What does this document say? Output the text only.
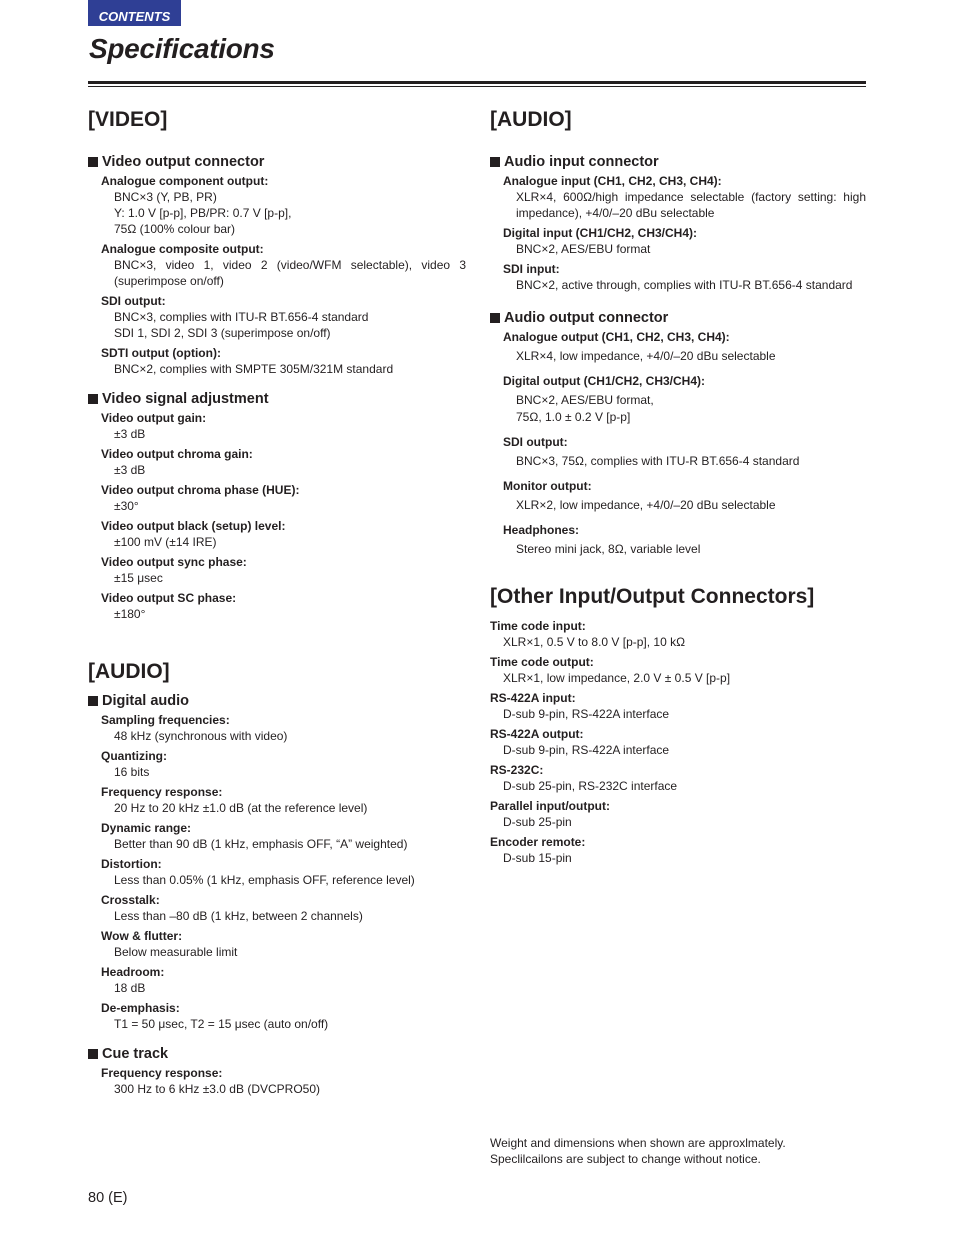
CONTENTS
Specifications
[VIDEO]
Video output connector
Analogue component output:
BNC×3 (Y, PB, PR)
Y: 1.0 V [p-p], PB/PR: 0.7 V [p-p],
75Ω (100% colour bar)
Analogue composite output:
BNC×3, video 1, video 2 (video/WFM selectable), video 3 (superimpose on/off)
SDI output:
BNC×3, complies with ITU-R BT.656-4 standard
SDI 1, SDI 2, SDI 3 (superimpose on/off)
SDTI output (option):
BNC×2, complies with SMPTE 305M/321M standard
Video signal adjustment
Video output gain:
±3 dB
Video output chroma gain:
±3 dB
Video output chroma phase (HUE):
±30°
Video output black (setup) level:
±100 mV (±14 IRE)
Video output sync phase:
±15 μsec
Video output SC phase:
±180°
[AUDIO]
Digital audio
Sampling frequencies:
48 kHz (synchronous with video)
Quantizing:
16 bits
Frequency response:
20 Hz to 20 kHz ±1.0 dB (at the reference level)
Dynamic range:
Better than 90 dB (1 kHz, emphasis OFF, “A” weighted)
Distortion:
Less than 0.05% (1 kHz, emphasis OFF, reference level)
Crosstalk:
Less than –80 dB (1 kHz, between 2 channels)
Wow & flutter:
Below measurable limit
Headroom:
18 dB
De-emphasis:
T1 = 50 μsec, T2 = 15 μsec (auto on/off)
Cue track
Frequency response:
300 Hz to 6 kHz ±3.0 dB (DVCPRO50)
[AUDIO]
Audio input connector
Analogue input (CH1, CH2, CH3, CH4):
XLR×4, 600Ω/high impedance selectable (factory setting: high impedance), +4/0/–20 dBu selectable
Digital input (CH1/CH2, CH3/CH4):
BNC×2, AES/EBU format
SDI input:
BNC×2, active through, complies with ITU-R BT.656-4 standard
Audio output connector
Analogue output (CH1, CH2, CH3, CH4):
XLR×4, low impedance, +4/0/–20 dBu selectable
Digital output (CH1/CH2, CH3/CH4):
BNC×2, AES/EBU format,
75Ω, 1.0 ± 0.2 V [p-p]
SDI output:
BNC×3, 75Ω, complies with ITU-R BT.656-4 standard
Monitor output:
XLR×2, low impedance, +4/0/–20 dBu selectable
Headphones:
Stereo mini jack, 8Ω, variable level
[Other Input/Output Connectors]
Time code input:
XLR×1, 0.5 V to 8.0 V [p-p], 10 kΩ
Time code output:
XLR×1, low impedance, 2.0 V ± 0.5 V [p-p]
RS-422A input:
D-sub 9-pin, RS-422A interface
RS-422A output:
D-sub 9-pin, RS-422A interface
RS-232C:
D-sub 25-pin, RS-232C interface
Parallel input/output:
D-sub 25-pin
Encoder remote:
D-sub 15-pin
Weight and dimensions when shown are approxlmately.
Speclilcailons are subject to change without notice.
80 (E)
